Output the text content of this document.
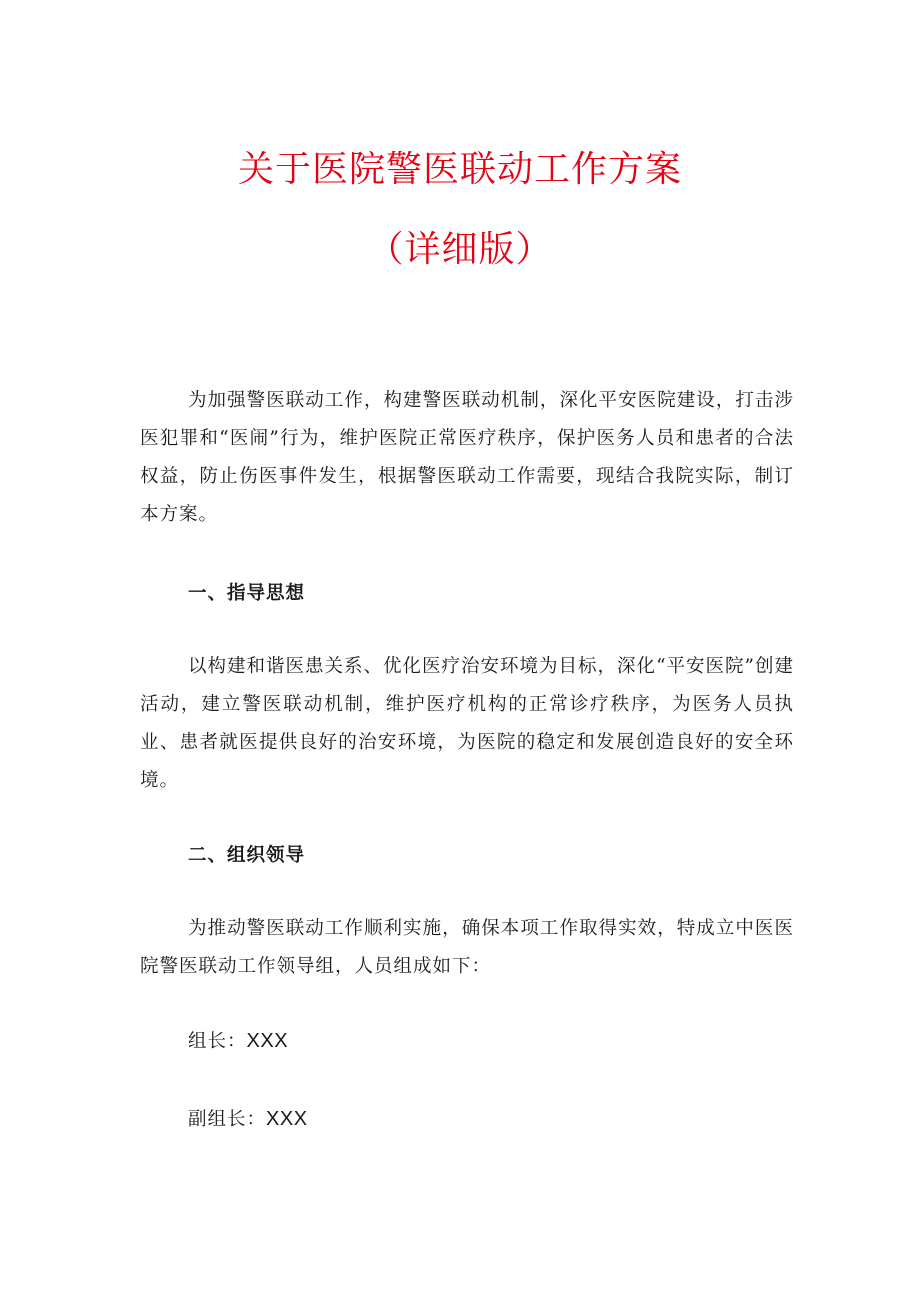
关于医院警医联动工作方案
（详细版）

为加强警医联动工作，构建警医联动机制，深化平安医院建设，打击涉医犯罪和“医闹”行为，维护医院正常医疗秩序，保护医务人员和患者的合法权益，防止伤医事件发生，根据警医联动工作需要，现结合我院实际，制订本方案。

一、指导思想

以构建和谐医患关系、优化医疗治安环境为目标，深化“平安医院”创建活动，建立警医联动机制，维护医疗机构的正常诊疗秩序，为医务人员执业、患者就医提供良好的治安环境，为医院的稳定和发展创造良好的安全环境。

二、组织领导

为推动警医联动工作顺利实施，确保本项工作取得实效，特成立中医医院警医联动工作领导组，人员组成如下：

组长：XXX

副组长：XXX
